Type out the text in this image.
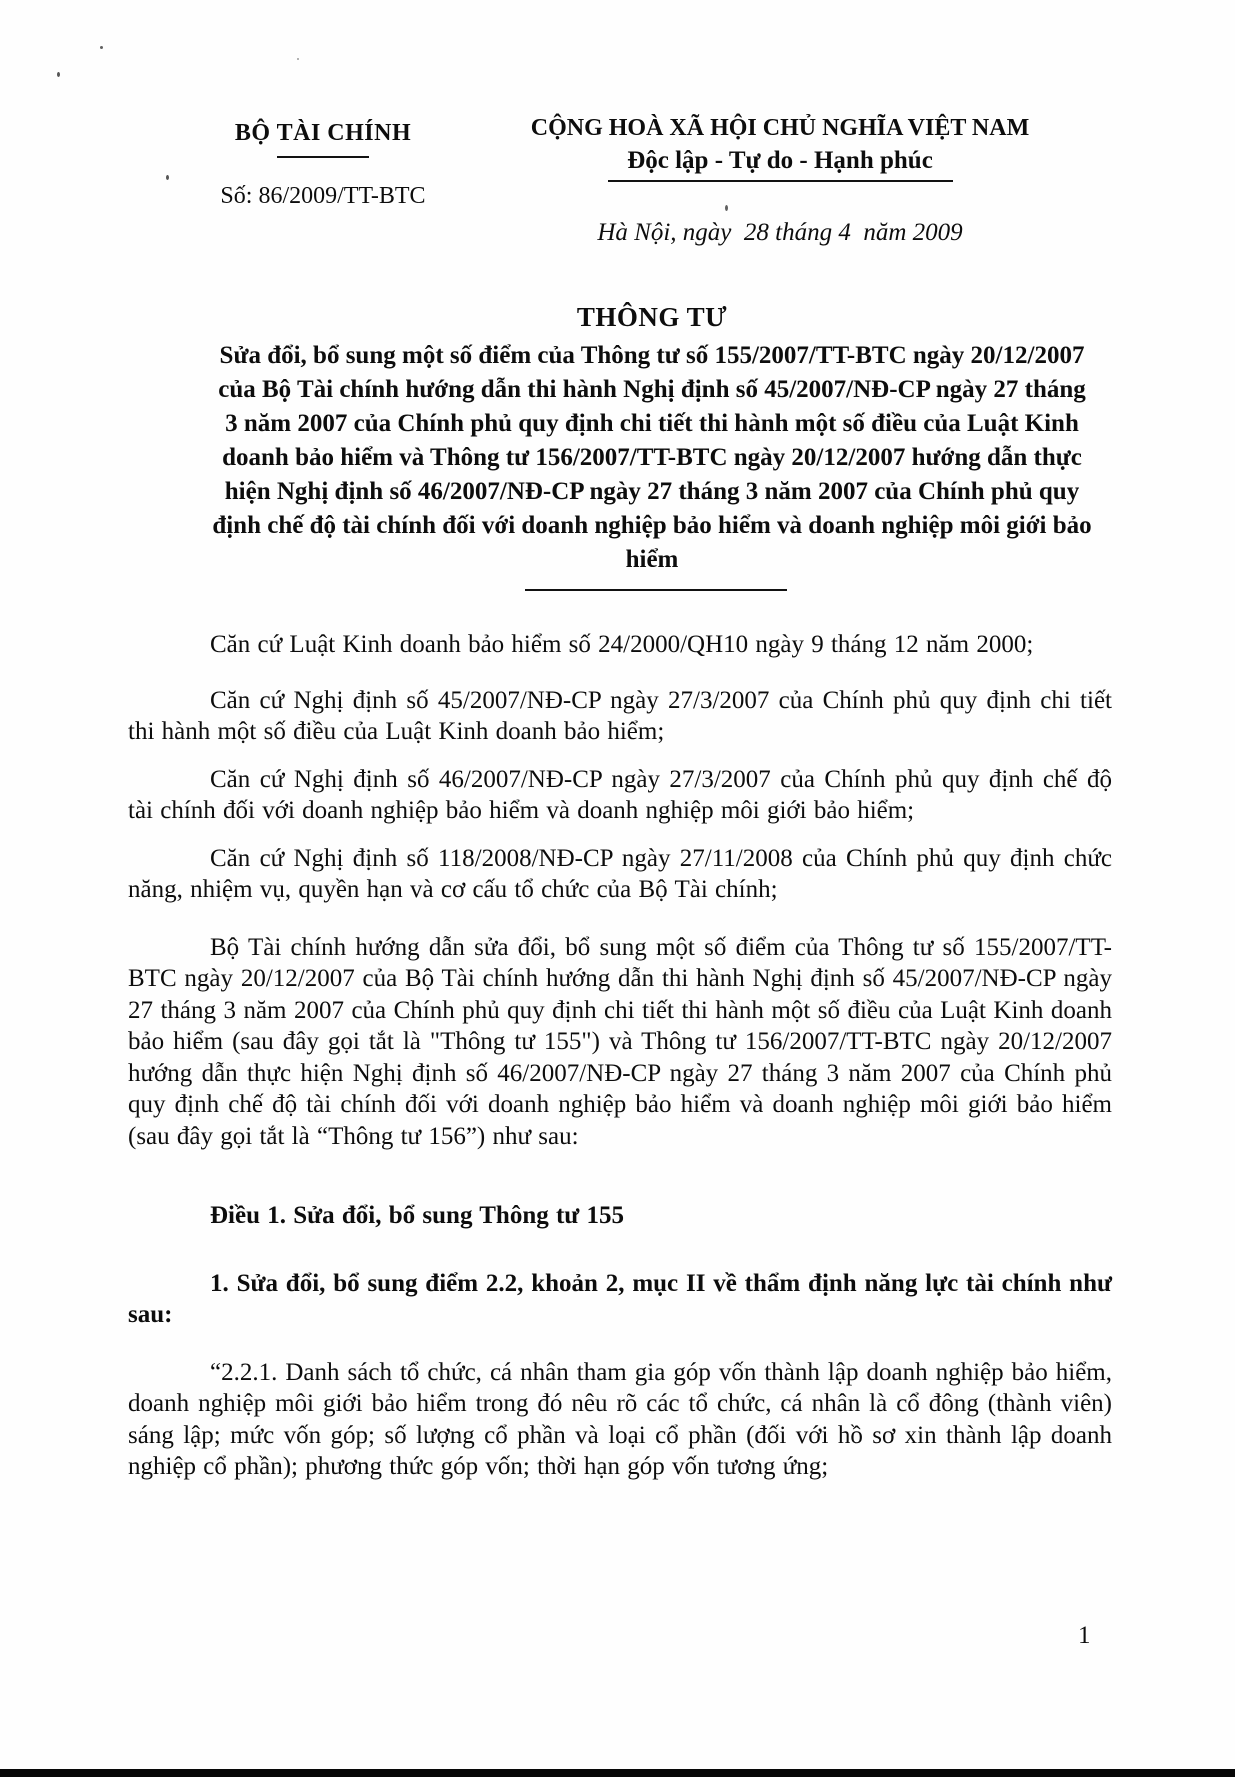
BỘ TÀI CHÍNH
Số: 86/2009/TT-BTC
CỘNG HOÀ XÃ HỘI CHỦ NGHĨA VIỆT NAM
Độc lập - Tự do - Hạnh phúc
Hà Nội, ngày  28 tháng 4  năm 2009
THÔNG TƯ

Sửa đổi, bổ sung một số điểm của Thông tư số 155/2007/TT-BTC ngày 20/12/2007 của Bộ Tài chính hướng dẫn thi hành Nghị định số 45/2007/NĐ-CP ngày 27 tháng 3 năm 2007 của Chính phủ quy định chi tiết thi hành một số điều của Luật Kinh doanh bảo hiểm và Thông tư 156/2007/TT-BTC ngày 20/12/2007 hướng dẫn thực hiện Nghị định số 46/2007/NĐ-CP ngày 27 tháng 3 năm 2007 của Chính phủ quy định chế độ tài chính đối với doanh nghiệp bảo hiểm và doanh nghiệp môi giới bảo hiểm

Căn cứ Luật Kinh doanh bảo hiểm số 24/2000/QH10 ngày 9 tháng 12 năm 2000;

Căn cứ Nghị định số 45/2007/NĐ-CP ngày 27/3/2007 của Chính phủ quy định chi tiết thi hành một số điều của Luật Kinh doanh bảo hiểm;

Căn cứ Nghị định số 46/2007/NĐ-CP ngày 27/3/2007 của Chính phủ quy định chế độ tài chính đối với doanh nghiệp bảo hiểm và doanh nghiệp môi giới bảo hiểm;

Căn cứ Nghị định số 118/2008/NĐ-CP ngày 27/11/2008 của Chính phủ quy định chức năng, nhiệm vụ, quyền hạn và cơ cấu tổ chức của Bộ Tài chính;

Bộ Tài chính hướng dẫn sửa đổi, bổ sung một số điểm của Thông tư số 155/2007/TT-BTC ngày 20/12/2007 của Bộ Tài chính hướng dẫn thi hành Nghị định số 45/2007/NĐ-CP ngày 27 tháng 3 năm 2007 của Chính phủ quy định chi tiết thi hành một số điều của Luật Kinh doanh bảo hiểm (sau đây gọi tắt là "Thông tư 155") và Thông tư 156/2007/TT-BTC ngày 20/12/2007 hướng dẫn thực hiện Nghị định số 46/2007/NĐ-CP ngày 27 tháng 3 năm 2007 của Chính phủ quy định chế độ tài chính đối với doanh nghiệp bảo hiểm và doanh nghiệp môi giới bảo hiểm (sau đây gọi tắt là “Thông tư 156”) như sau:

Điều 1. Sửa đổi, bổ sung Thông tư 155

1. Sửa đổi, bổ sung điểm 2.2, khoản 2, mục II về thẩm định năng lực tài chính như sau:

“2.2.1. Danh sách tổ chức, cá nhân tham gia góp vốn thành lập doanh nghiệp bảo hiểm, doanh nghiệp môi giới bảo hiểm trong đó nêu rõ các tổ chức, cá nhân là cổ đông (thành viên) sáng lập; mức vốn góp; số lượng cổ phần và loại cổ phần (đối với hồ sơ xin thành lập doanh nghiệp cổ phần); phương thức góp vốn; thời hạn góp vốn tương ứng;

1
